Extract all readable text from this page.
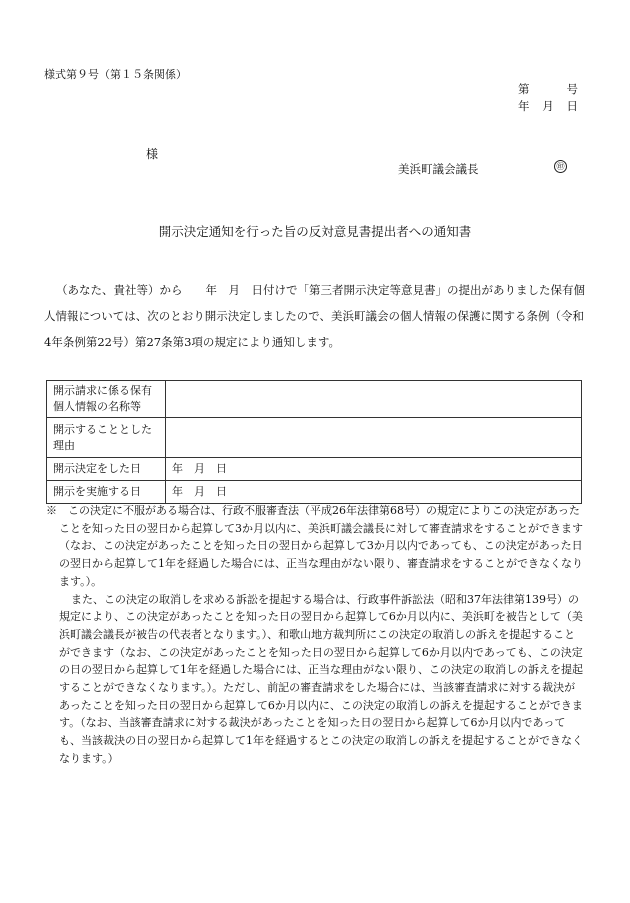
様式第９号（第１５条関係）
第	号
年 月 日
様
美浜町議会議長	㊞
開示決定通知を行った旨の反対意見書提出者への通知書
（あなた、貴社等）から　　年　月　日付けで「第三者開示決定等意見書」の提出がありました保有個人情報については、次のとおり開示決定しましたので、美浜町議会の個人情報の保護に関する条例（令和4年条例第22号）第27条第3項の規定により通知します。
開示請求に係る保有個人情報の名称等	
開示することとした理由	
開示決定をした日	年　月　日
開示を実施する日	年　月　日

※　この決定に不服がある場合は、行政不服審査法（平成26年法律第68号）の規定によりこの決定があったことを知った日の翌日から起算して3か月以内に、美浜町議会議長に対して審査請求をすることができます（なお、この決定があったことを知った日の翌日から起算して3か月以内であっても、この決定があった日の翌日から起算して1年を経過した場合には、正当な理由がない限り、審査請求をすることができなくなります。）。

また、この決定の取消しを求める訴訟を提起する場合は、行政事件訴訟法（昭和37年法律第139号）の規定により、この決定があったことを知った日の翌日から起算して6か月以内に、美浜町を被告として（美浜町議会議長が被告の代表者となります。）、和歌山地方裁判所にこの決定の取消しの訴えを提起することができます（なお、この決定があったことを知った日の翌日から起算して6か月以内であっても、この決定の日の翌日から起算して1年を経過した場合には、正当な理由がない限り、この決定の取消しの訴えを提起することができなくなります。）。ただし、前記の審査請求をした場合には、当該審査請求に対する裁決があったことを知った日の翌日から起算して6か月以内に、この決定の取消しの訴えを提起することができます。（なお、当該審査請求に対する裁決があったことを知った日の翌日から起算して6か月以内であっても、当該裁決の日の翌日から起算して1年を経過するとこの決定の取消しの訴えを提起することができなくなります。）
